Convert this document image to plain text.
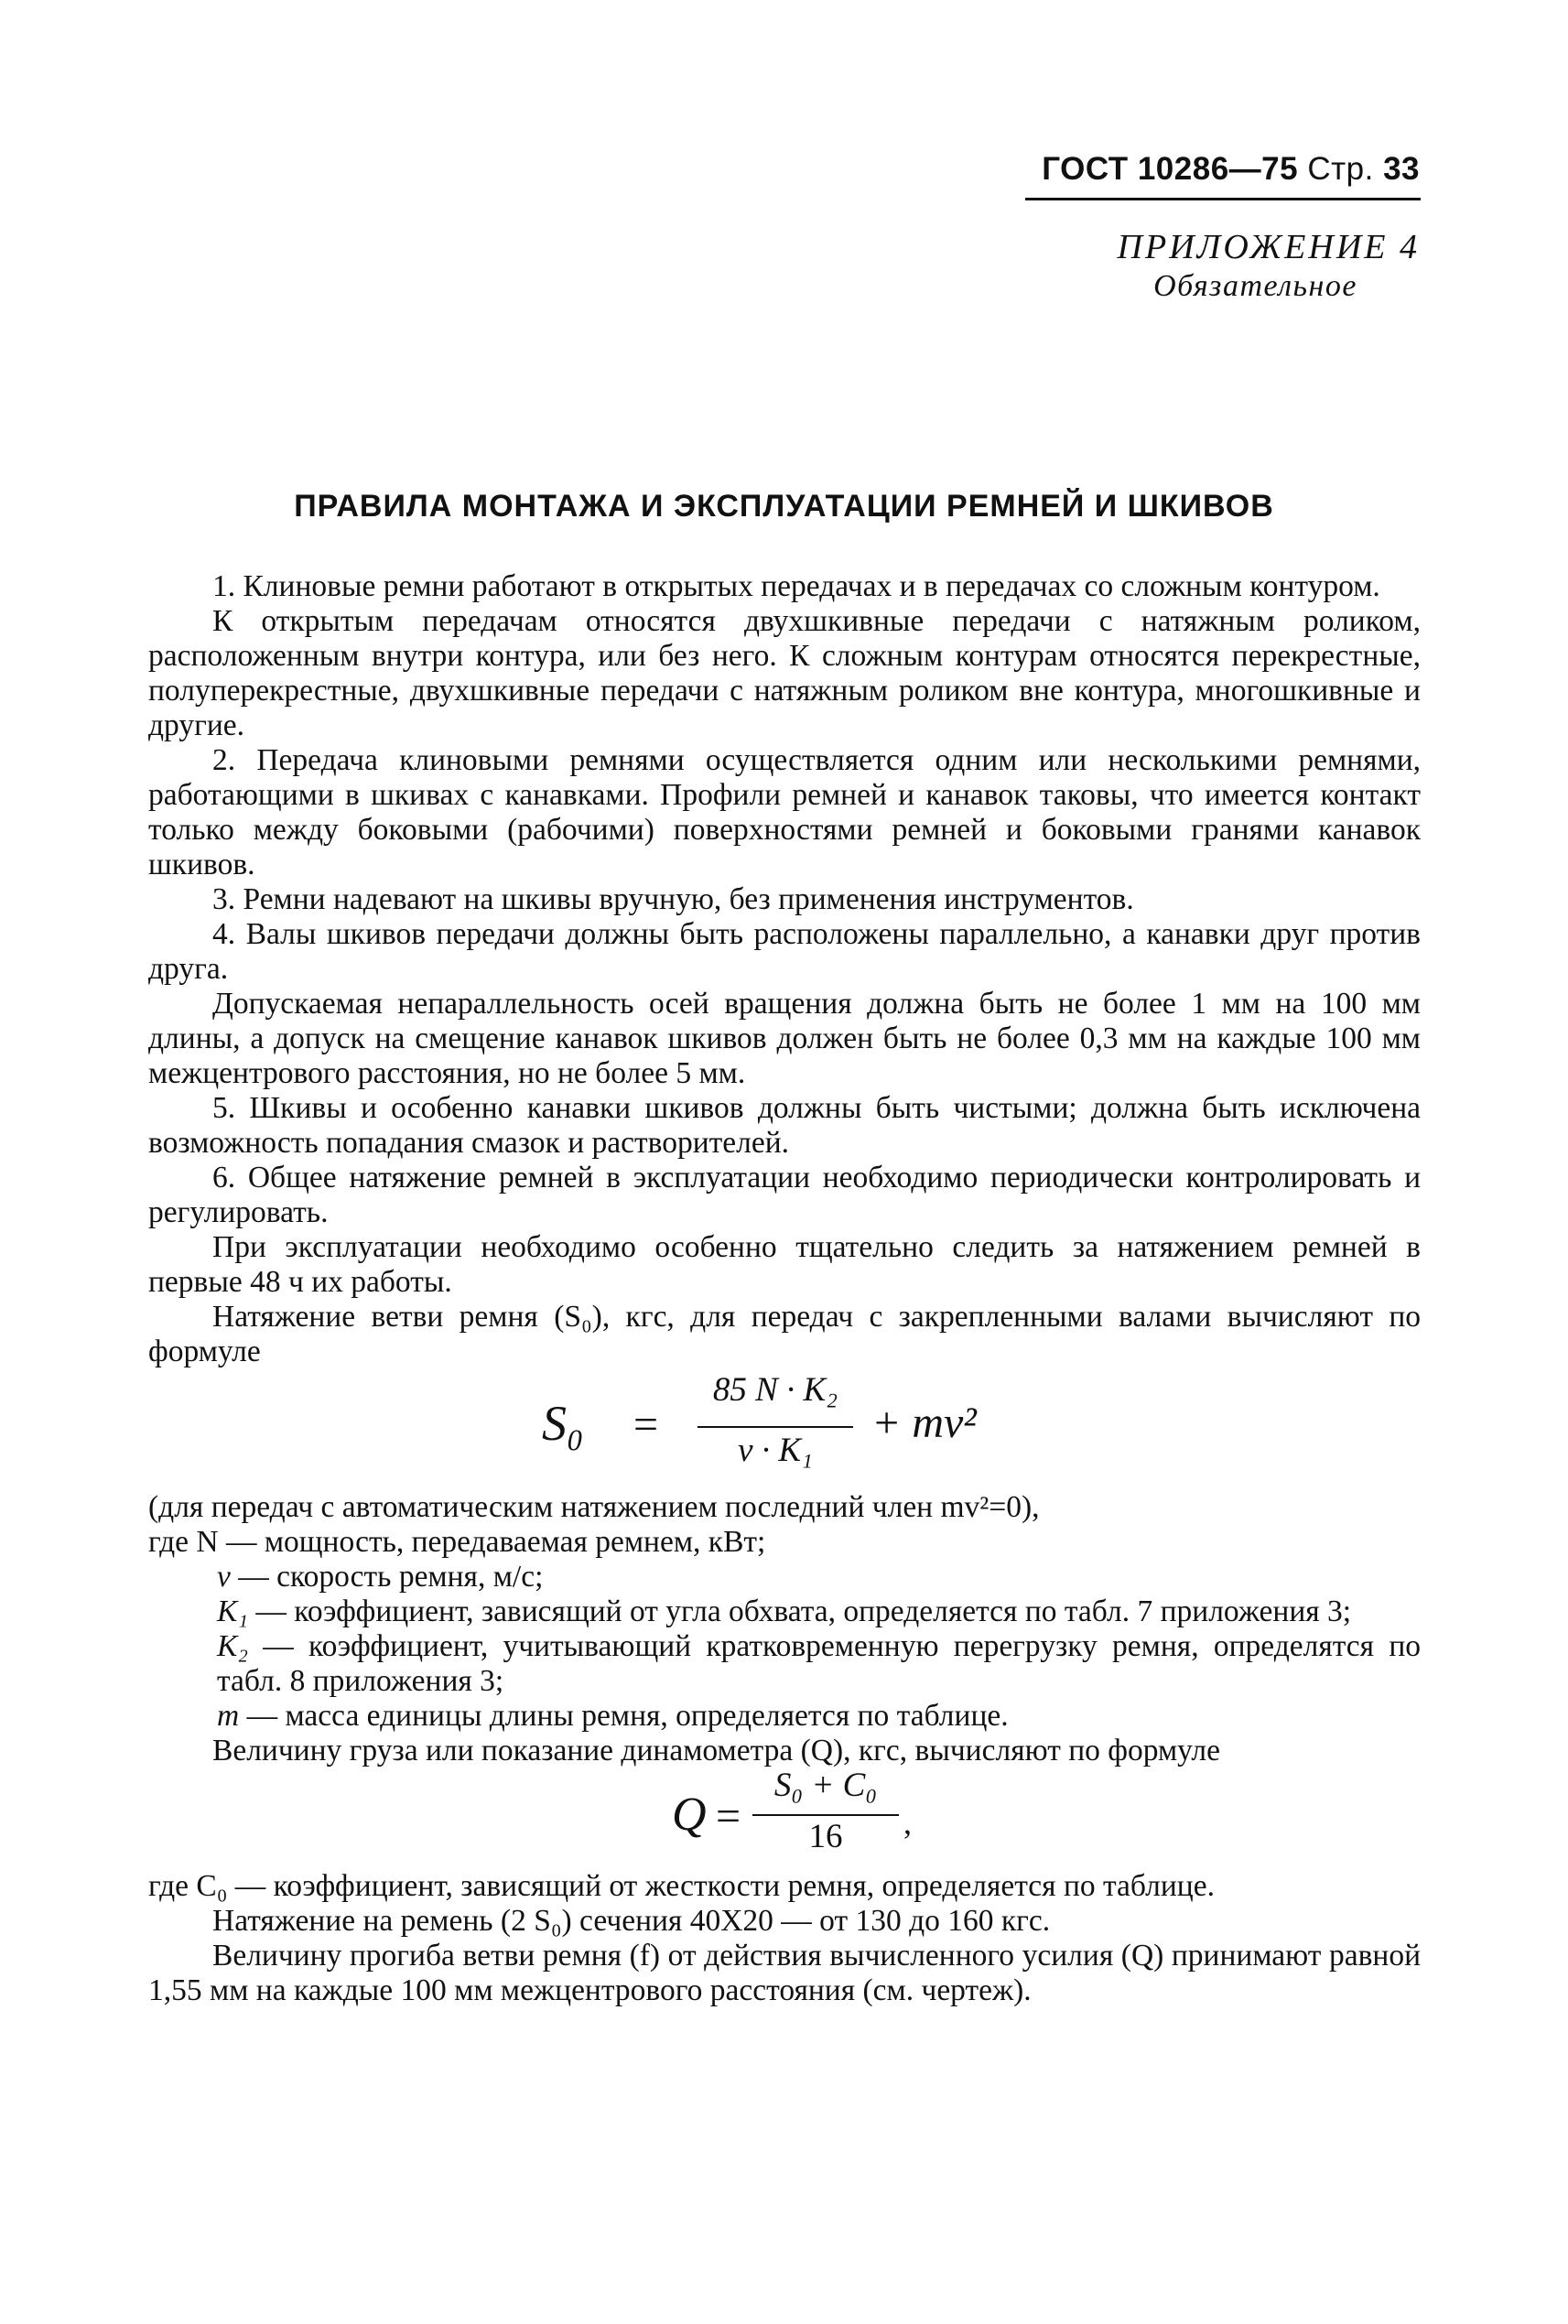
ГОСТ 10286—75 Стр. 33
ПРИЛОЖЕНИЕ 4
Обязательное
ПРАВИЛА МОНТАЖА И ЭКСПЛУАТАЦИИ РЕМНЕЙ И ШКИВОВ

1. Клиновые ремни работают в открытых передачах и в передачах со сложным контуром.

К открытым передачам относятся двухшкивные передачи с натяжным роликом, расположенным внутри контура, или без него. К сложным контурам относятся перекрестные, полуперекрестные, двухшкивные передачи с натяжным роликом вне контура, многошкивные и другие.

2. Передача клиновыми ремнями осуществляется одним или несколькими ремнями, работающими в шкивах с канавками. Профили ремней и канавок таковы, что имеется контакт только между боковыми (рабочими) поверхностями ремней и боковыми гранями канавок шкивов.

3. Ремни надевают на шкивы вручную, без применения инструментов.

4. Валы шкивов передачи должны быть расположены параллельно, а канавки друг против друга.

Допускаемая непараллельность осей вращения должна быть не более 1 мм на 100 мм длины, а допуск на смещение канавок шкивов должен быть не более 0,3 мм на каждые 100 мм межцентрового расстояния, но не более 5 мм.

5. Шкивы и особенно канавки шкивов должны быть чистыми; должна быть исключена возможность попадания смазок и растворителей.

6. Общее натяжение ремней в эксплуатации необходимо периодически контролировать и регулировать.

При эксплуатации необходимо особенно тщательно следить за натяжением ремней в первые 48 ч их работы.

Натяжение ветви ремня (S₀), кгс, для передач с закрепленными валами вычисляют по формуле

S₀ =
85 N · K₂
v · K₁
+ mv²

(для передач с автоматическим натяжением последний член mv²=0),

где N — мощность, передаваемая ремнем, кВт;
v — скорость ремня, м/с;
K₁ — коэффициент, зависящий от угла обхвата, определяется по табл. 7 приложения 3;
K₂ — коэффициент, учитывающий кратковременную перегрузку ремня, определятся по табл. 8 приложения 3;
m — масса единицы длины ремня, определяется по таблице.

Величину груза или показание динамометра (Q), кгс, вычисляют по формуле

Q =
S₀ + C₀
16	,

где C₀ — коэффициент, зависящий от жесткости ремня, определяется по таблице.

Натяжение на ремень (2 S₀) сечения 40X20 — от 130 до 160 кгс.

Величину прогиба ветви ремня (f) от действия вычисленного усилия (Q) принимают равной 1,55 мм на каждые 100 мм межцентрового расстояния (см. чертеж).
